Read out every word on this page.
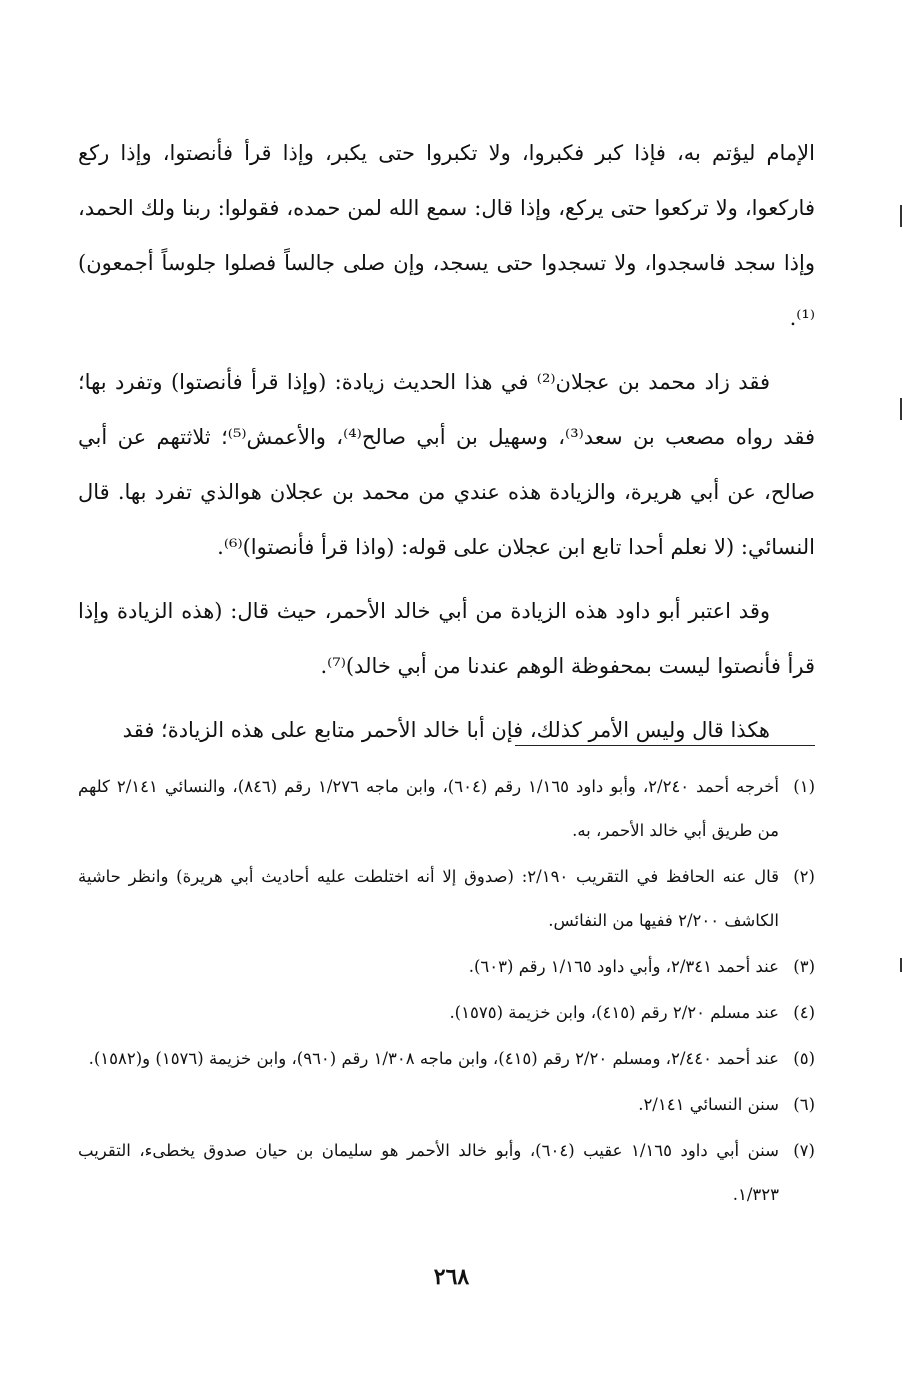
الإمام ليؤتم به، فإذا كبر فكبروا، ولا تكبروا حتى يكبر، وإذا قرأ فأنصتوا، وإذا ركع فاركعوا، ولا تركعوا حتى يركع، وإذا قال: سمع الله لمن حمده، فقولوا: ربنا ولك الحمد، وإذا سجد فاسجدوا، ولا تسجدوا حتى يسجد، وإن صلى جالساً فصلوا جلوساً أجمعون)⁽¹⁾.

فقد زاد محمد بن عجلان⁽²⁾ في هذا الحديث زيادة: (وإذا قرأ فأنصتوا) وتفرد بها؛ فقد رواه مصعب بن سعد⁽³⁾، وسهيل بن أبي صالح⁽⁴⁾، والأعمش⁽⁵⁾؛ ثلاثتهم عن أبي صالح، عن أبي هريرة، والزيادة هذه عندي من محمد بن عجلان هوالذي تفرد بها. قال النسائي: (لا نعلم أحدا تابع ابن عجلان على قوله: (واذا قرأ فأنصتوا)⁽⁶⁾.

وقد اعتبر أبو داود هذه الزيادة من أبي خالد الأحمر، حيث قال: (هذه الزيادة وإذا قرأ فأنصتوا ليست بمحفوظة الوهم عندنا من أبي خالد)⁽⁷⁾.

هكذا قال وليس الأمر كذلك، فإن أبا خالد الأحمر متابع على هذه الزيادة؛ فقد

(١)أخرجه أحمد ٢/٢٤٠، وأبو داود ١/١٦٥ رقم (٦٠٤)، وابن ماجه ١/٢٧٦ رقم (٨٤٦)، والنسائي ٢/١٤١ كلهم من طريق أبي خالد الأحمر، به.
(٢)قال عنه الحافظ في التقريب ٢/١٩٠: (صدوق إلا أنه اختلطت عليه أحاديث أبي هريرة) وانظر حاشية الكاشف ٢/٢٠٠ ففيها من النفائس.
(٣)عند أحمد ٢/٣٤١، وأبي داود ١/١٦٥ رقم (٦٠٣).
(٤)عند مسلم ٢/٢٠ رقم (٤١٥)، وابن خزيمة (١٥٧٥).
(٥)عند أحمد ٢/٤٤٠، ومسلم ٢/٢٠ رقم (٤١٥)، وابن ماجه ١/٣٠٨ رقم (٩٦٠)، وابن خزيمة (١٥٧٦) و(١٥٨٢).
(٦)سنن النسائي ٢/١٤١.
(٧)سنن أبي داود ١/١٦٥ عقيب (٦٠٤)، وأبو خالد الأحمر هو سليمان بن حيان صدوق يخطىء، التقريب ١/٣٢٣.
٢٦٨
